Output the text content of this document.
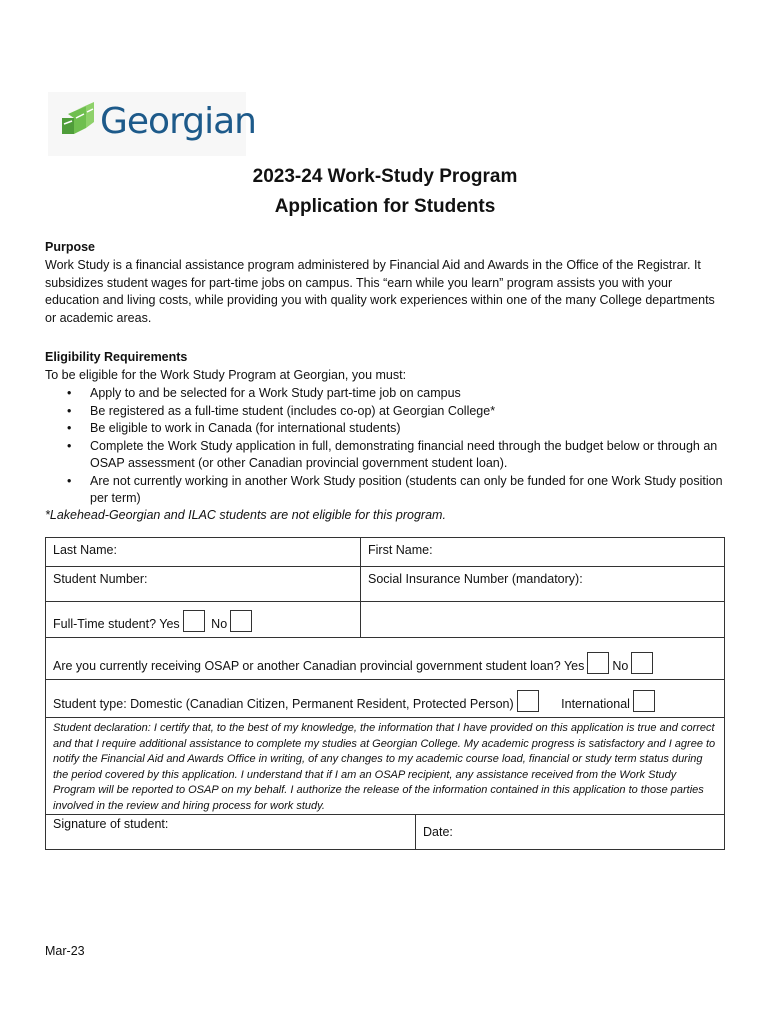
Georgian
2023-24 Work-Study Program
Application for Students
Purpose
Work Study is a financial assistance program administered by Financial Aid and Awards in the Office of the Registrar. It subsidizes student wages for part-time jobs on campus. This “earn while you learn” program assists you with your education and living costs, while providing you with quality work experiences within one of the many College departments or academic areas.
Eligibility Requirements
To be eligible for the Work Study Program at Georgian, you must:
• Apply to and be selected for a Work Study part-time job on campus
• Be registered as a full-time student (includes co-op) at Georgian College*
• Be eligible to work in Canada (for international students)
• Complete the Work Study application in full, demonstrating financial need through the budget below or through an OSAP assessment (or other Canadian provincial government student loan).
• Are not currently working in another Work Study position (students can only be funded for one Work Study position per term)
*Lakehead-Georgian and ILAC students are not eligible for this program.
Last Name:	First Name:
Student Number:	Social Insurance Number (mandatory):
Full-Time student? Yes No	
Are you currently receiving OSAP or another Canadian provincial government student loan? Yes No	
Student type: Domestic (Canadian Citizen, Permanent Resident, Protected Person) International	
Student declaration: I certify that, to the best of my knowledge, the information that I have provided on this application is true and correct and that I require additional assistance to complete my studies at Georgian College. My academic progress is satisfactory and I agree to notify the Financial Aid and Awards Office in writing, of any changes to my academic course load, financial or study term status during the period covered by this application. I understand that if I am an OSAP recipient, any assistance received from the Work Study Program will be reported to OSAP on my behalf. I authorize the release of the information contained in this application to those parties involved in the review and hiring process for work study.
Signature of student:
Date:	
Mar-23
